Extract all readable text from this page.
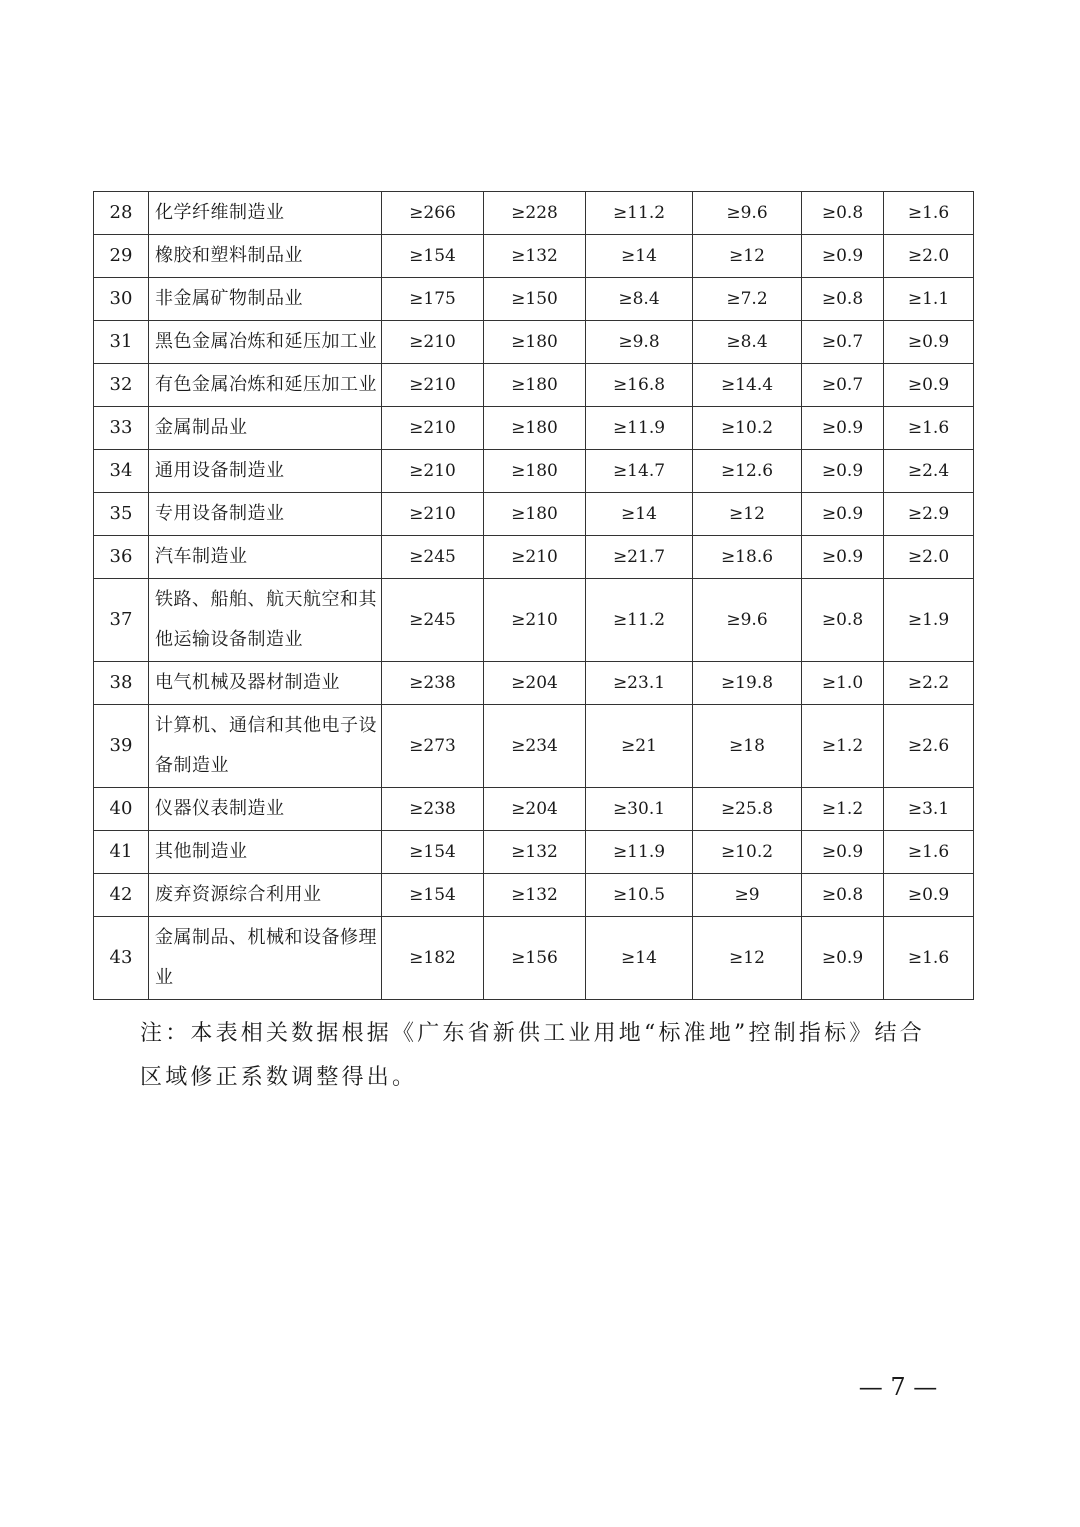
28	化学纤维制造业	≥266	≥228	≥11.2	≥9.6	≥0.8	≥1.6
29	橡胶和塑料制品业	≥154	≥132	≥14	≥12	≥0.9	≥2.0
30	非金属矿物制品业	≥175	≥150	≥8.4	≥7.2	≥0.8	≥1.1
31	黑色金属冶炼和延压加工业	≥210	≥180	≥9.8	≥8.4	≥0.7	≥0.9
32	有色金属冶炼和延压加工业	≥210	≥180	≥16.8	≥14.4	≥0.7	≥0.9
33	金属制品业	≥210	≥180	≥11.9	≥10.2	≥0.9	≥1.6
34	通用设备制造业	≥210	≥180	≥14.7	≥12.6	≥0.9	≥2.4
35	专用设备制造业	≥210	≥180	≥14	≥12	≥0.9	≥2.9
36	汽车制造业	≥245	≥210	≥21.7	≥18.6	≥0.9	≥2.0
37	铁路、船舶、航天航空和其他运输设备制造业	≥245	≥210	≥11.2	≥9.6	≥0.8	≥1.9
38	电气机械及器材制造业	≥238	≥204	≥23.1	≥19.8	≥1.0	≥2.2
39	计算机、通信和其他电子设备制造业	≥273	≥234	≥21	≥18	≥1.2	≥2.6
40	仪器仪表制造业	≥238	≥204	≥30.1	≥25.8	≥1.2	≥3.1
41	其他制造业	≥154	≥132	≥11.9	≥10.2	≥0.9	≥1.6
42	废弃资源综合利用业	≥154	≥132	≥10.5	≥9	≥0.8	≥0.9
43	金属制品、机械和设备修理业	≥182	≥156	≥14	≥12	≥0.9	≥1.6

注：本表相关数据根据《广东省新供工业用地“标准地”控制指标》结合区域修正系数调整得出。

— 7 —
